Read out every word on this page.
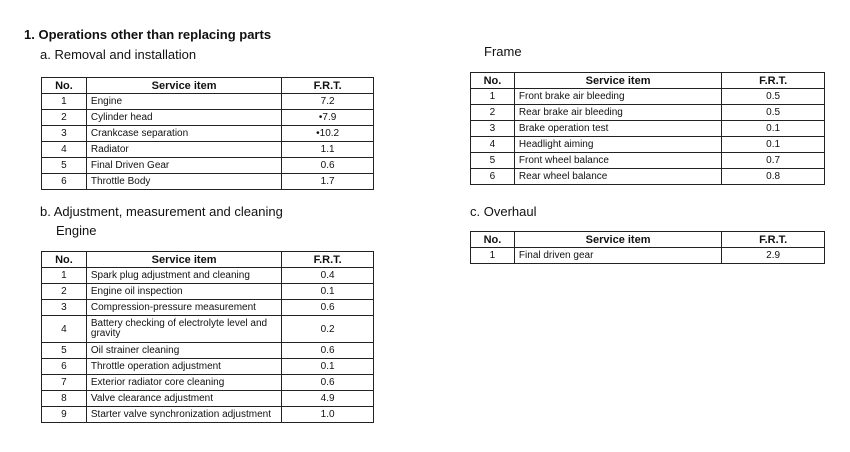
1. Operations other than replacing parts
a. Removal and installation
No.	Service item	F.R.T.
1	Engine	7.2
2	Cylinder head	•7.9
3	Crankcase separation	•10.2
4	Radiator	1.1
5	Final Driven Gear	0.6
6	Throttle Body	1.7
b. Adjustment, measurement and cleaning
Engine
No.	Service item	F.R.T.
1	Spark plug adjustment and cleaning	0.4
2	Engine oil inspection	0.1
3	Compression-pressure measurement	0.6
4	Battery checking of electrolyte level and gravity	0.2
5	Oil strainer cleaning	0.6
6	Throttle operation adjustment	0.1
7	Exterior radiator core cleaning	0.6
8	Valve clearance adjustment	4.9
9	Starter valve synchronization adjustment	1.0
Frame
No.	Service item	F.R.T.
1	Front brake air bleeding	0.5
2	Rear brake air bleeding	0.5
3	Brake operation test	0.1
4	Headlight aiming	0.1
5	Front wheel balance	0.7
6	Rear wheel balance	0.8
c. Overhaul
No.	Service item	F.R.T.
1	Final driven gear	2.9
